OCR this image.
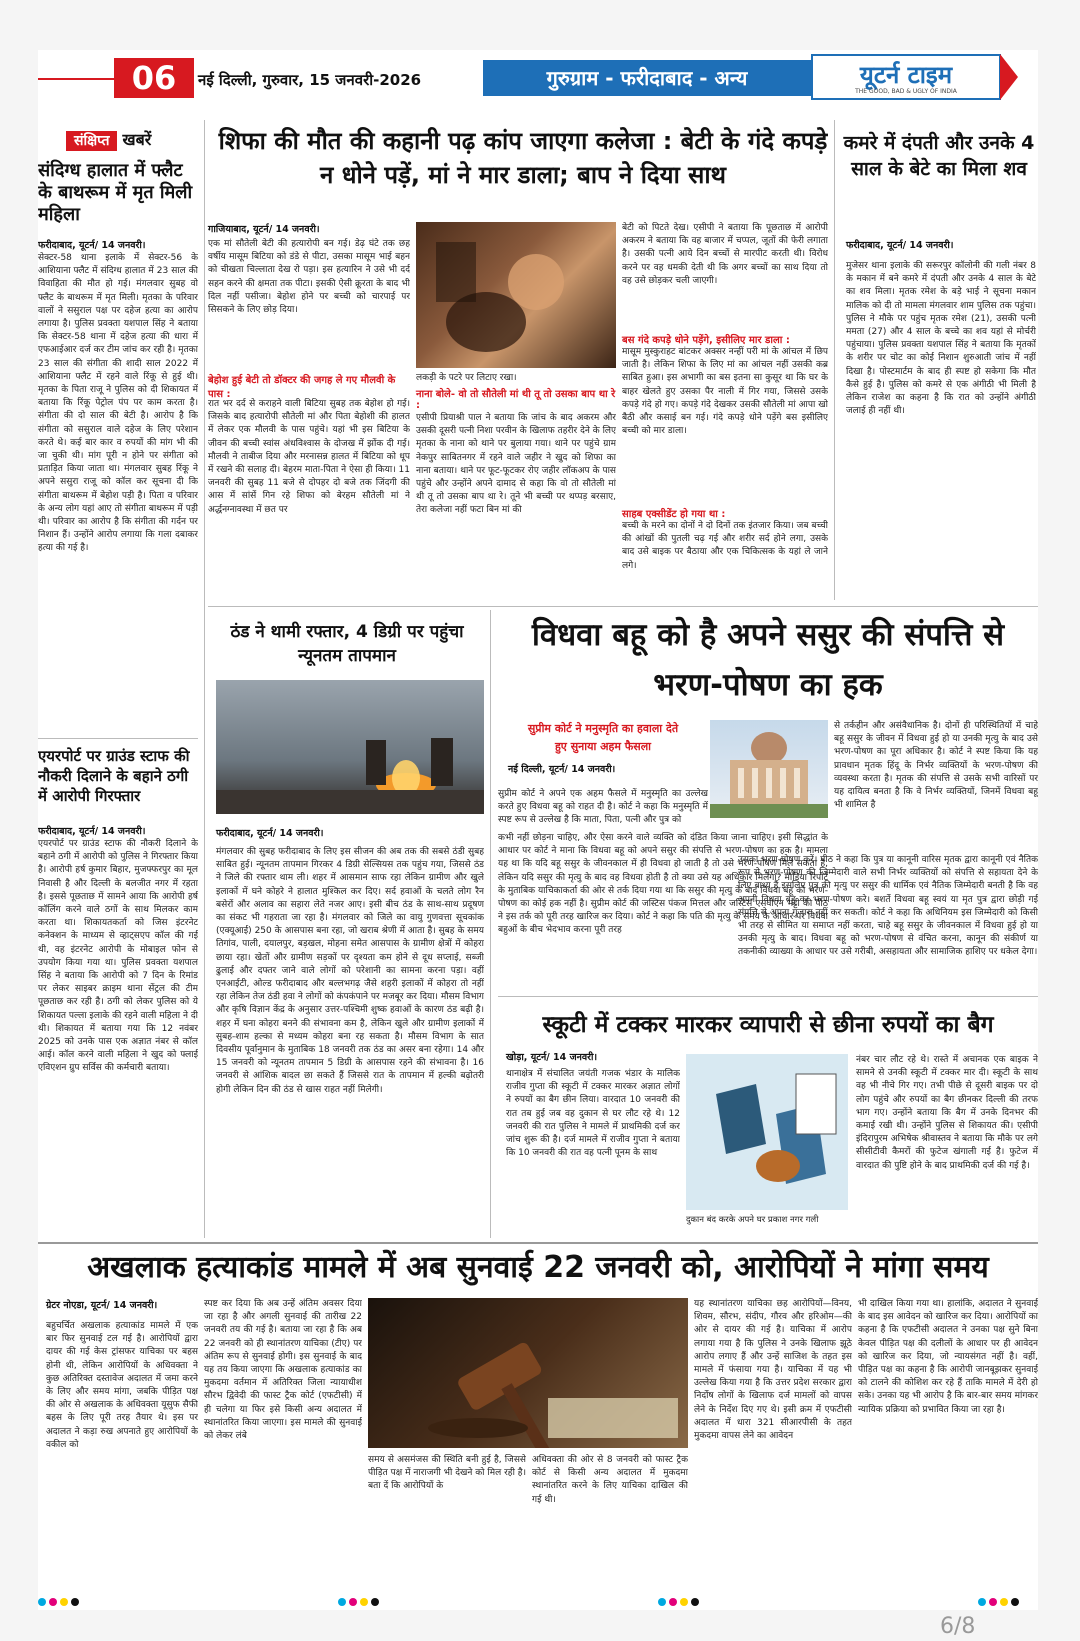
06	नई दिल्ली, गुरुवार, 15 जनवरी-2026	गुरुग्राम - फरीदाबाद - अन्य	यूटर्न टाइम
THE GOOD, BAD & UGLY OF INDIA
संक्षिप्त खबरें
संदिग्ध हालात में फ्लैट के बाथरूम में मृत मिली महिला
फरीदाबाद, यूटर्न/ 14 जनवरी।
सेक्टर-58 थाना इलाके में सेक्टर-56 के आशियाना फ्लैट में संदिग्ध हालात में 23 साल की विवाहिता की मौत हो गई। मंगलवार सुबह वो फ्लैट के बाथरूम में मृत मिली। मृतका के परिवार वालों ने ससुराल पक्ष पर दहेज हत्या का आरोप लगाया है। पुलिस प्रवक्ता यशपाल सिंह ने बताया कि सेक्टर-58 थाना में दहेज हत्या की धारा में एफआईआर दर्ज कर टीम जांच कर रही है। मृतका 23 साल की संगीता की शादी साल 2022 में आशियाना फ्लैट में रहने वाले रिंकू से हुई थी। मृतका के पिता राजू ने पुलिस को दी शिकायत में बताया कि रिंकू पेट्रोल पंप पर काम करता है। संगीता की दो साल की बेटी है। आरोप है कि संगीता को ससुराल वाले दहेज के लिए परेशान करते थे। कई बार कार व रुपयों की मांग भी की जा चुकी थी। मांग पूरी न होने पर संगीता को प्रताड़ित किया जाता था। मंगलवार सुबह रिंकू ने अपने ससुरा राजू को कॉल कर सूचना दी कि संगीता बाथरूम में बेहोश पड़ी है। पिता व परिवार के अन्य लोग यहां आए तो संगीता बाथरूम में पड़ी थी। परिवार का आरोप है कि संगीता की गर्दन पर निशान हैं। उन्होंने आरोप लगाया कि गला दबाकर हत्या की गई है।
एयरपोर्ट पर ग्राउंड स्टाफ की नौकरी दिलाने के बहाने ठगी में आरोपी गिरफ्तार
फरीदाबाद, यूटर्न/ 14 जनवरी।
एयरपोर्ट पर ग्राउंड स्टाफ की नौकरी दिलाने के बहाने ठगी में आरोपी को पुलिस ने गिरफ्तार किया है। आरोपी हर्ष कुमार बिहार, मुजफ्फरपुर का मूल निवासी है और दिल्ली के बलजीत नगर में रहता है। इससे पूछताछ में सामने आया कि आरोपी हर्ष कॉलिंग करने वाले ठगों के साथ मिलकर काम करता था। शिकायतकर्ता को जिस इंटरनेट कनेक्शन के माध्यम से व्हाट्सएप कॉल की गई थी, वह इंटरनेट आरोपी के मोबाइल फोन से उपयोग किया गया था। पुलिस प्रवक्ता यशपाल सिंह ने बताया कि आरोपी को 7 दिन के रिमांड पर लेकर साइबर क्राइम थाना सेंट्रल की टीम पूछताछ कर रही है। ठगी को लेकर पुलिस को ये शिकायत पल्ला इलाके की रहने वाली महिला ने दी थी। शिकायत में बताया गया कि 12 नवंबर 2025 को उनके पास एक अज्ञात नंबर से कॉल आई। कॉल करने वाली महिला ने खुद को फ्लाई एविएशन ग्रुप सर्विस की कर्मचारी बताया।
शिफा की मौत की कहानी पढ़ कांप जाएगा कलेजा : बेटी के गंदे कपड़े न धोने पड़ें, मां ने मार डाला; बाप ने दिया साथ
गाजियाबाद, यूटर्न/ 14 जनवरी।
एक मां सौतेली बेटी की हत्यारोपी बन गई। डेढ़ घंटे तक छह वर्षीय मासूम बिटिया को डंडे से पीटा, उसका मासूम भाई बहन को चीखता चिल्लाता देख रो पड़ा। इस हत्यारिन ने उसे भी दर्द सहन करने की क्षमता तक पीटा। इसकी ऐसी क्रूरता के बाद भी दिल नहीं पसीजा। बेहोश होने पर बच्ची को चारपाई पर सिसकने के लिए छोड़ दिया।
बेहोश हुई बेटी तो डॉक्टर की जगह ले गए मौलवी के पास :
रात भर दर्द से कराहने वाली बिटिया सुबह तक बेहोश हो गई। जिसके बाद हत्यारोपी सौतेली मां और पिता बेहोशी की हालत में लेकर एक मौलवी के पास पहुंचे। यहां भी इस बिटिया के जीवन की बच्ची स्वांस अंधविश्वास के दोजख में झोंक दी गई। मौलवी ने ताबीज दिया और मरनासन्न हालत में बिटिया को धूप में रखने की सलाह दी। बेहरम माता-पिता ने ऐसा ही किया। 11 जनवरी की सुबह 11 बजे से दोपहर दो बजे तक जिंदगी की आस में सांसें गिन रहे शिफा को बेरहम सौतेली मां ने अर्द्धनग्नावस्था में छत पर
लकड़ी के पटरे पर लिटाए रखा।
नाना बोले- वो तो सौतेली मां थी तू तो उसका बाप था रे :
एसीपी प्रियाश्री पाल ने बताया कि जांच के बाद अकरम और उसकी दूसरी पत्नी निशा परवीन के खिलाफ तहरीर देने के लिए मृतका के नाना को थाने पर बुलाया गया। थाने पर पहुंचे ग्राम नेकपुर साबितनगर में रहने वाले जहीर ने खुद को शिफा का नाना बताया। थाने पर फूट-फूटकर रोए जहीर लॉकअप के पास पहुंचे और उन्होंने अपने दामाद से कहा कि वो तो सौतेली मां थी तू तो उसका बाप था रे। तूने भी बच्ची पर थप्पड़ बरसाए, तेरा कलेजा नहीं फटा बिन मां की
बेटी को पिटते देख। एसीपी ने बताया कि पूछताछ में आरोपी अकरम ने बताया कि वह बाजार में चप्पल, जूतों की फेरी लगाता है। उसकी पत्नी आये दिन बच्चों से मारपीट करती थी। विरोध करने पर वह धमकी देती थी कि अगर बच्चों का साथ दिया तो वह उसे छोड़कर चली जाएगी।
बस गंदे कपड़े धोने पड़ेंगे, इसीलिए मार डाला :
मासूम मुस्कुराहट बांटकर अक्सर नन्हीं परी मां के आंचल में छिप जाती है। लेकिन शिफा के लिए मां का आंचल नहीं उसकी कब्र साबित हुआ। इस अभागी का बस इतना सा कुसूर था कि घर के बाहर खेलते हुए उसका पैर नाली में गिर गया, जिससे उसके कपड़े गंदे हो गए। कपड़े गंदे देखकर उसकी सौतेली मां आपा खो बैठी और कसाई बन गई। गंदे कपड़े धोने पड़ेंगे बस इसीलिए बच्ची को मार डाला।
साहब एक्सीडेंट हो गया था :
बच्ची के मरने का दोनों ने दो दिनों तक इंतजार किया। जब बच्ची की आंखों की पुतली चढ़ गई और शरीर सर्द होने लगा, उसके बाद उसे बाइक पर बैठाया और एक चिकित्सक के यहां ले जाने लगे।
कमरे में दंपती और उनके 4 साल के बेटे का मिला शव
फरीदाबाद, यूटर्न/ 14 जनवरी।
मुजेसर थाना इलाके की सरूरपुर कॉलोनी की गली नंबर 8 के मकान में बने कमरे में दंपती और उनके 4 साल के बेटे का शव मिला। मृतक रमेश के बड़े भाई ने सूचना मकान मालिक को दी तो मामला मंगलवार शाम पुलिस तक पहुंचा। पुलिस ने मौके पर पहुंच मृतक रमेश (21), उसकी पत्नी ममता (27) और 4 साल के बच्चे का शव यहां से मोर्चरी पहुंचाया। पुलिस प्रवक्ता यशपाल सिंह ने बताया कि मृतकों के शरीर पर चोट का कोई निशान शुरुआती जांच में नहीं दिखा है। पोस्टमार्टम के बाद ही स्पष्ट हो सकेगा कि मौत कैसे हुई है। पुलिस को कमरे से एक अंगीठी भी मिली है लेकिन राजेश का कहना है कि रात को उन्होंने अंगीठी जलाई ही नहीं थी।
ठंड ने थामी रफ्तार, 4 डिग्री पर पहुंचा न्यूनतम तापमान
फरीदाबाद, यूटर्न/ 14 जनवरी।
मंगलवार की सुबह फरीदाबाद के लिए इस सीजन की अब तक की सबसे ठंडी सुबह साबित हुई। न्यूनतम तापमान गिरकर 4 डिग्री सेल्सियस तक पहुंच गया, जिससे ठंड ने जिले की रफ्तार थाम ली। शहर में आसमान साफ रहा लेकिन ग्रामीण और खुले इलाकों में घने कोहरे ने हालात मुश्किल कर दिए। सर्द हवाओं के चलते लोग रैन बसेरों और अलाव का सहारा लेते नजर आए। इसी बीच ठंड के साथ-साथ प्रदूषण का संकट भी गहराता जा रहा है। मंगलवार को जिले का वायु गुणवत्ता सूचकांक (एक्यूआई) 250 के आसपास बना रहा, जो खराब श्रेणी में आता है। सुबह के समय तिगांव, पाली, दयालपुर, बड़खल, मोहना समेत आसपास के ग्रामीण क्षेत्रों में कोहरा छाया रहा। खेतों और ग्रामीण सड़कों पर दृश्यता कम होने से दूध सप्लाई, सब्जी ढुलाई और दफ्तर जाने वाले लोगों को परेशानी का सामना करना पड़ा। वहीं एनआईटी, ओल्ड फरीदाबाद और बल्लभगढ़ जैसे शहरी इलाकों में कोहरा तो नहीं रहा लेकिन तेज ठंडी हवा ने लोगों को कंपकंपाने पर मजबूर कर दिया। मौसम विभाग और कृषि विज्ञान केंद्र के अनुसार उत्तर-पश्चिमी शुष्क हवाओं के कारण ठंड बढ़ी है। शहर में घना कोहरा बनने की संभावना कम है, लेकिन खुले और ग्रामीण इलाकों में सुबह-शाम हल्का से मध्यम कोहरा बना रह सकता है। मौसम विभाग के सात दिवसीय पूर्वानुमान के मुताबिक 18 जनवरी तक ठंड का असर बना रहेगा। 14 और 15 जनवरी को न्यूनतम तापमान 5 डिग्री के आसपास रहने की संभावना है। 16 जनवरी से आंशिक बादल छा सकते हैं जिससे रात के तापमान में हल्की बढ़ोतरी होगी लेकिन दिन की ठंड से खास राहत नहीं मिलेगी।
विधवा बहू को है अपने ससुर की संपत्ति से भरण-पोषण का हक
सुप्रीम कोर्ट ने मनुस्मृति का हवाला देते
हुए सुनाया अहम फैसला
नई दिल्ली, यूटर्न/ 14 जनवरी।
सुप्रीम कोर्ट ने अपने एक अहम फैसले में मनुस्मृति का उल्लेख करते हुए विधवा बहू को राहत दी है। कोर्ट ने कहा कि मनुस्मृति में स्पष्ट रूप से उल्लेख है कि माता, पिता, पत्नी और पुत्र को
कभी नहीं छोड़ना चाहिए, और ऐसा करने वाले व्यक्ति को दंडित किया जाना चाहिए। इसी सिद्धांत के आधार पर कोर्ट ने माना कि विधवा बहू को अपने ससुर की संपत्ति से भरण-पोषण का हक है। मामला यह था कि यदि बहू ससुर के जीवनकाल में ही विधवा हो जाती है तो उसे भरण-पोषण मिल सकता है, लेकिन यदि ससुर की मृत्यु के बाद वह विधवा होती है तो क्या उसे यह अधिकार मिलेगा? मौडिया रिपोर्ट के मुताबिक याचिकाकर्ता की ओर से तर्क दिया गया था कि ससुर की मृत्यु के बाद विधवा बहू को भरण-पोषण का कोई हक नहीं है। सुप्रीम कोर्ट की जस्टिस पंकज मित्तल और जस्टिस एसवीएन भट्टी की पीठ ने इस तर्क को पूरी तरह खारिज कर दिया। कोर्ट ने कहा कि पति की मृत्यु के समय के आधार पर विधवा बहुओं के बीच भेदभाव करना पूरी तरह
से तर्कहीन और असंवैधानिक है। दोनों ही परिस्थितियों में चाहे बहू ससुर के जीवन में विधवा हुई हो या उनकी मृत्यु के बाद उसे भरण-पोषण का पूरा अधिकार है। कोर्ट ने स्पष्ट किया कि यह प्रावधान मृतक हिंदू के निर्भर व्यक्तियों के भरण-पोषण की व्यवस्था करता है। मृतक की संपत्ति से उसके सभी वारिसों पर यह दायित्व बनता है कि वे निर्भर व्यक्तियों, जिनमें विधवा बहू भी शामिल है
उसका भरण-पोषण करें। पीठ ने कहा कि पुत्र या कानूनी वारिस मृतक द्वारा कानूनी एवं नैतिक रूप से भरण-पोषण की जिम्मेदारी वाले सभी निर्भर व्यक्तियों को संपत्ति से सहायता देने के लिए बाध्य हैं इसलिए पुत्र की मृत्यु पर ससुर की धार्मिक एवं नैतिक जिम्मेदारी बनती है कि वह अपनी विधवा बहू का भरण-पोषण करे। बशर्ते विधवा बहू स्वयं या मृत पुत्र द्वारा छोड़ी गई संपत्ति से अपना गुजारा नहीं कर सकती। कोर्ट ने कहा कि अधिनियम इस जिम्मेदारी को किसी भी तरह से सीमित या समाप्त नहीं करता, चाहे बहू ससुर के जीवनकाल में विधवा हुई हो या उनकी मृत्यु के बाद। विधवा बहू को भरण-पोषण से वंचित करना, कानून की संकीर्ण या तकनीकी व्याख्या के आधार पर उसे गरीबी, असहायता और सामाजिक हाशिए पर धकेल देगा।
स्कूटी में टक्कर मारकर व्यापारी से छीना रुपयों का बैग
खोड़ा, यूटर्न/ 14 जनवरी।
थानाक्षेत्र में संचालित जयंती गजक भंडार के मालिक राजीव गुप्ता की स्कूटी में टक्कर मारकर अज्ञात लोगों ने रुपयों का बैग छीन लिया। वारदात 10 जनवरी की रात तब हुई जब वह दुकान से घर लौट रहे थे। 12 जनवरी की रात पुलिस ने मामले में प्राथमिकी दर्ज कर जांच शुरू की है। दर्ज मामले में राजीव गुप्ता ने बताया कि 10 जनवरी की रात वह पत्नी पूनम के साथ
दुकान बंद करके अपने घर प्रकाश नगर गली
नंबर चार लौट रहे थे। रास्ते में अचानक एक बाइक ने सामने से उनकी स्कूटी में टक्कर मार दी। स्कूटी के साथ वह भी नीचे गिर गए। तभी पीछे से दूसरी बाइक पर दो लोग पहुंचे और रुपयों का बैग छीनकर दिल्ली की तरफ भाग गए। उन्होंने बताया कि बैग में उनके दिनभर की कमाई रखी थी। उन्होंने पुलिस से शिकायत की। एसीपी इंदिरापुरम अभिषेक श्रीवास्तव ने बताया कि मौके पर लगे सीसीटीवी कैमरों की फुटेज खंगाली गई है। फुटेज में वारदात की पुष्टि होने के बाद प्राथमिकी दर्ज की गई है।
अखलाक हत्याकांड मामले में अब सुनवाई 22 जनवरी को, आरोपियों ने मांगा समय
ग्रेटर नोएडा, यूटर्न/ 14 जनवरी।
बहुचर्चित अखलाक हत्याकांड मामले में एक बार फिर सुनवाई टल गई है। आरोपियों द्वारा दायर की गई केस ट्रांसफर याचिका पर बहस होनी थी, लेकिन आरोपियों के अधिवक्ता ने कुछ अतिरिक्त दस्तावेज अदालत में जमा करने के लिए और समय मांगा, जबकि पीड़ित पक्ष की ओर से अखलाक के अधिवक्ता यूसुफ सैफी बहस के लिए पूरी तरह तैयार थे। इस पर अदालत ने कड़ा रुख अपनाते हुए आरोपियों के वकील को
स्पष्ट कर दिया कि अब उन्हें अंतिम अवसर दिया जा रहा है और अगली सुनवाई की तारीख 22 जनवरी तय की गई है। बताया जा रहा है कि अब 22 जनवरी को ही स्थानांतरण याचिका (टीए) पर अंतिम रूप से सुनवाई होगी। इस सुनवाई के बाद यह तय किया जाएगा कि अखलाक हत्याकांड का मुकदमा वर्तमान में अतिरिक्त जिला न्यायाधीश सौरभ द्विवेदी की फास्ट ट्रैक कोर्ट (एफटीसी) में ही चलेगा या फिर इसे किसी अन्य अदालत में स्थानांतरित किया जाएगा। इस मामले की सुनवाई को लेकर लंबे
समय से असमंजस की स्थिति बनी हुई है, जिससे पीड़ित पक्ष में नाराजगी भी देखने को मिल रही है। बता दें कि आरोपियों के
अधिवक्ता की ओर से 8 जनवरी को फास्ट ट्रैक कोर्ट से किसी अन्य अदालत में मुकदमा स्थानांतरित करने के लिए याचिका दाखिल की गई थी।
यह स्थानांतरण याचिका छह आरोपियों—विनय, शिवम, सौरभ, संदीप, गौरव और हरिओम—की ओर से दायर की गई है। याचिका में आरोप लगाया गया है कि पुलिस ने उनके खिलाफ झूठे आरोप लगाए हैं और उन्हें साजिश के तहत इस मामले में फंसाया गया है। याचिका में यह भी उल्लेख किया गया है कि उत्तर प्रदेश सरकार द्वारा निर्दोष लोगों के खिलाफ दर्ज मामलों को वापस लेने के निर्देश दिए गए थे। इसी क्रम में एफटीसी अदालत में धारा 321 सीआरपीसी के तहत मुकदमा वापस लेने का आवेदन
भी दाखिल किया गया था। हालांकि, अदालत ने सुनवाई के बाद इस आवेदन को खारिज कर दिया। आरोपियों का कहना है कि एफटीसी अदालत ने उनका पक्ष सुने बिना केवल पीड़ित पक्ष की दलीलों के आधार पर ही आवेदन को खारिज कर दिया, जो न्यायसंगत नहीं है। वहीं, पीड़ित पक्ष का कहना है कि आरोपी जानबूझकर सुनवाई को टालने की कोशिश कर रहे हैं ताकि मामले में देरी हो सके। उनका यह भी आरोप है कि बार-बार समय मांगकर न्यायिक प्रक्रिया को प्रभावित किया जा रहा है।
6/8
